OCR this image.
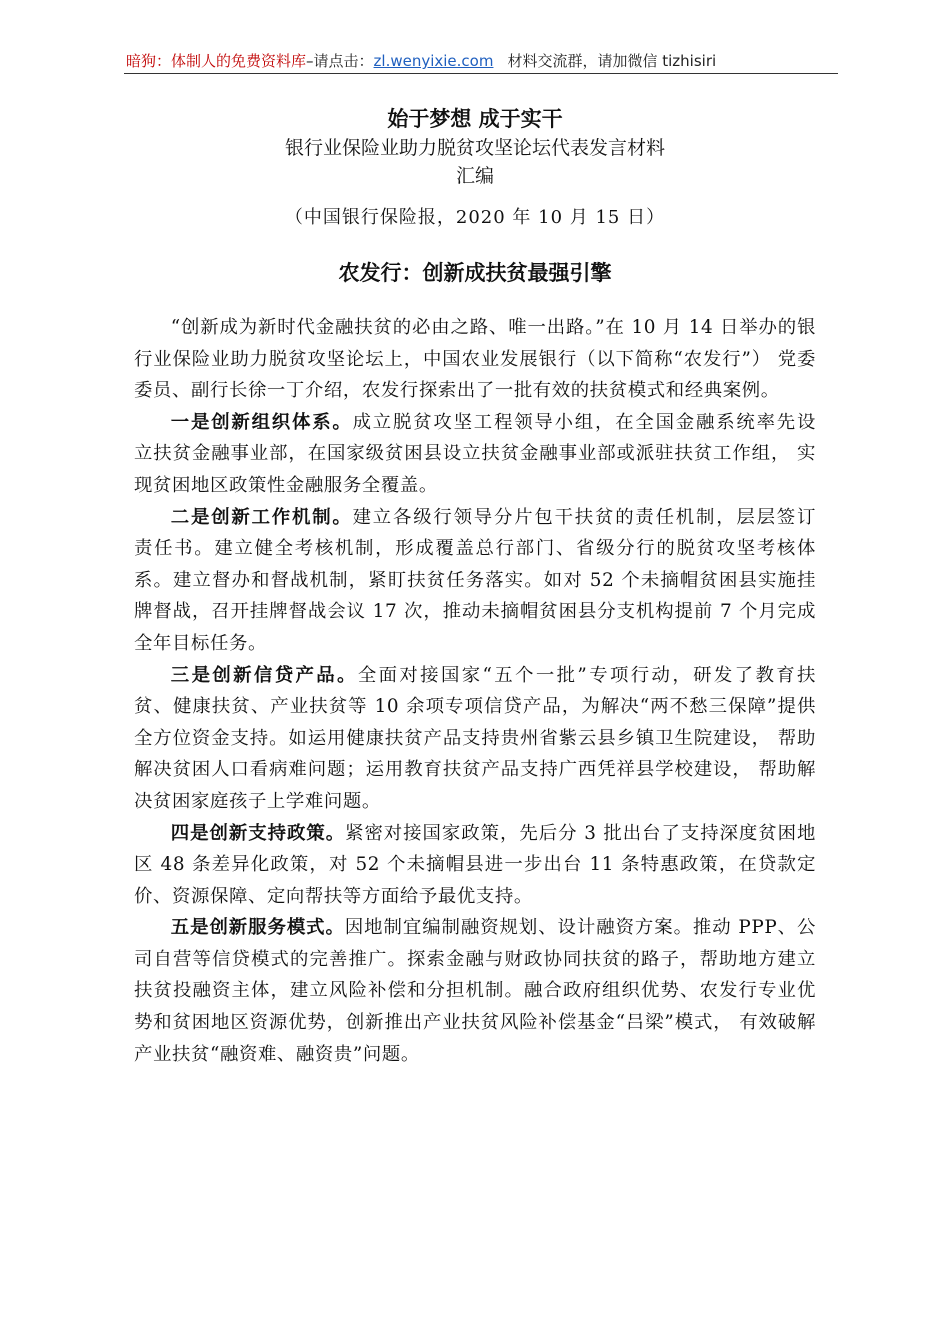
暗狗：体制人的免费资料库–请点击：zl.wenyixie.com 材料交流群，请加微信 tizhisiri
始于梦想 成于实干
银行业保险业助力脱贫攻坚论坛代表发言材料
汇编
（中国银行保险报，2020 年 10 月 15 日）
农发行：创新成扶贫最强引擎

“创新成为新时代金融扶贫的必由之路、唯一出路。”在 10 月 14 日举办的银行业保险业助力脱贫攻坚论坛上，中国农业发展银行（以下简称“农发行”） 党委委员、副行长徐一丁介绍，农发行探索出了一批有效的扶贫模式和经典案例。

一是创新组织体系。成立脱贫攻坚工程领导小组，在全国金融系统率先设　立扶贫金融事业部，在国家级贫困县设立扶贫金融事业部或派驻扶贫工作组， 实现贫困地区政策性金融服务全覆盖。

二是创新工作机制。建立各级行领导分片包干扶贫的责任机制，层层签订　责任书。建立健全考核机制，形成覆盖总行部门、省级分行的脱贫攻坚考核体系。建立督办和督战机制，紧盯扶贫任务落实。如对 52 个未摘帽贫困县实施挂牌督战，召开挂牌督战会议 17 次，推动未摘帽贫困县分支机构提前 7 个月完成全年目标任务。

三是创新信贷产品。全面对接国家“五个一批”专项行动，研发了教育扶　贫、健康扶贫、产业扶贫等 10 余项专项信贷产品，为解决“两不愁三保障”提供全方位资金支持。如运用健康扶贫产品支持贵州省紫云县乡镇卫生院建设， 帮助解决贫困人口看病难问题；运用教育扶贫产品支持广西凭祥县学校建设， 帮助解决贫困家庭孩子上学难问题。

四是创新支持政策。紧密对接国家政策，先后分 3 批出台了支持深度贫困地区 48 条差异化政策，对 52 个未摘帽县进一步出台 11 条特惠政策，在贷款定价、资源保障、定向帮扶等方面给予最优支持。

五是创新服务模式。因地制宜编制融资规划、设计融资方案。推动 PPP、公司自营等信贷模式的完善推广。探索金融与财政协同扶贫的路子，帮助地方建立扶贫投融资主体，建立风险补偿和分担机制。融合政府组织优势、农发行专业优势和贫困地区资源优势，创新推出产业扶贫风险补偿基金“吕梁”模式， 有效破解产业扶贫“融资难、融资贵”问题。
